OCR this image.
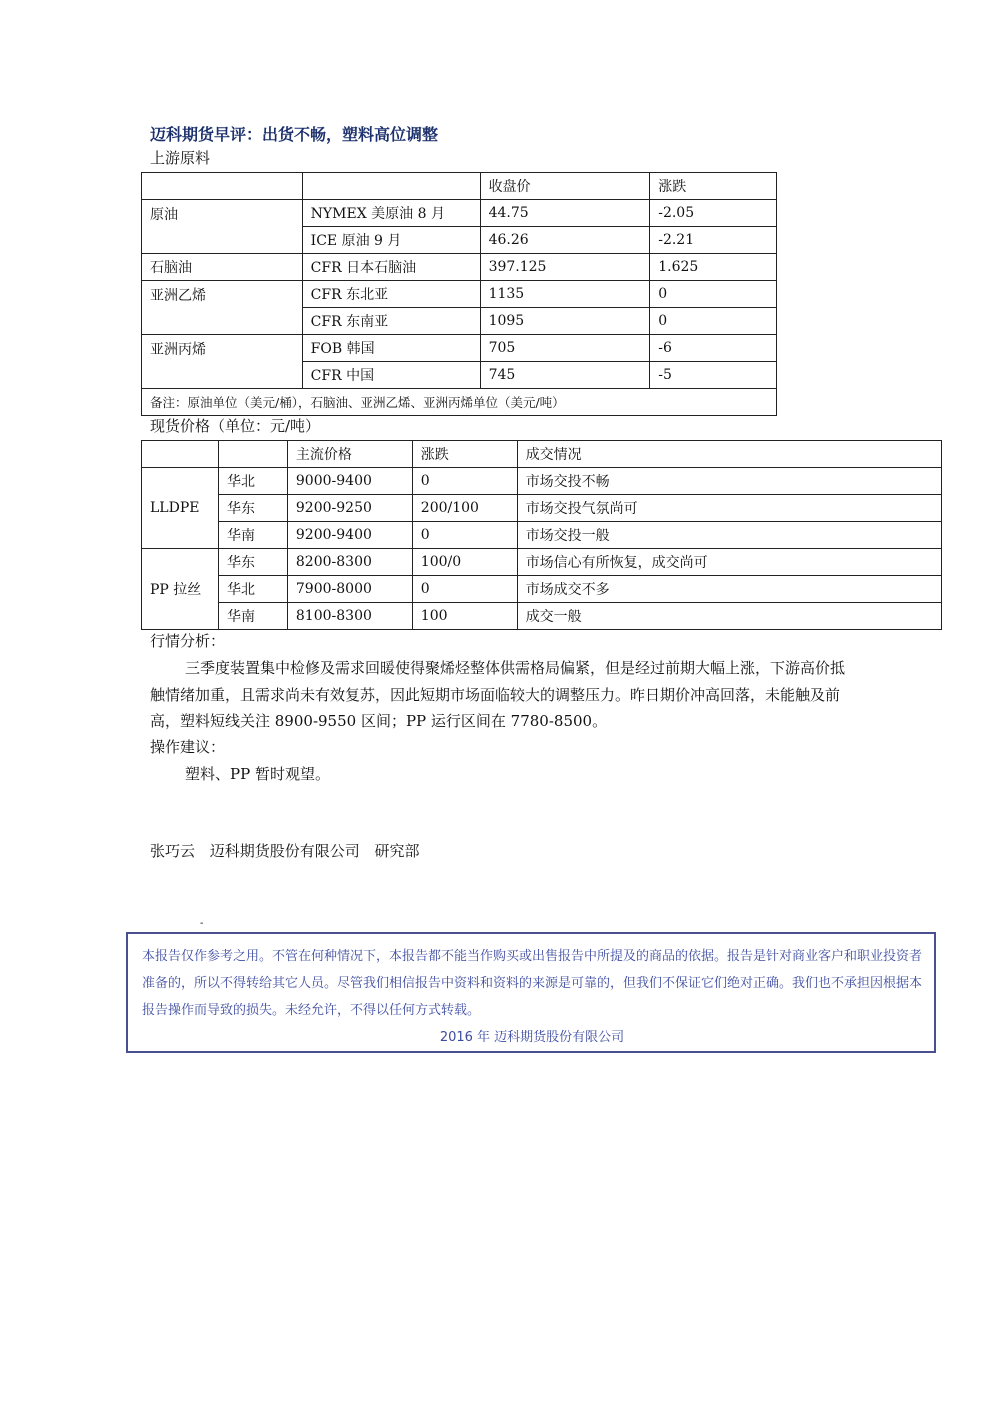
迈科期货早评：出货不畅，塑料高位调整
上游原料
		收盘价	涨跌
原油	NYMEX 美原油 8 月	44.75	-2.05
	ICE 原油 9 月	46.26	-2.21
石脑油	CFR 日本石脑油	397.125	1.625
亚洲乙烯	CFR 东北亚	1135	0
	CFR 东南亚	1095	0
亚洲丙烯	FOB 韩国	705	-6
	CFR 中国	745	-5
备注：原油单位（美元/桶），石脑油、亚洲乙烯、亚洲丙烯单位（美元/吨）			
现货价格（单位：元/吨）
		主流价格	涨跌	成交情况
LLDPE	华北	9000-9400	0	市场交投不畅
	华东	9200-9250	200/100	市场交投气氛尚可
	华南	9200-9400	0	市场交投一般
PP 拉丝	华东	8200-8300	100/0	市场信心有所恢复，成交尚可
	华北	7900-8000	0	市场成交不多
	华南	8100-8300	100	成交一般
行情分析：
三季度装置集中检修及需求回暖使得聚烯烃整体供需格局偏紧，但是经过前期大幅上涨，下游高价抵触情绪加重，且需求尚未有效复苏，因此短期市场面临较大的调整压力。昨日期价冲高回落，未能触及前高，塑料短线关注 8900-9550 区间；PP 运行区间在 7780-8500。
操作建议：
塑料、PP 暂时观望。
张巧云 迈科期货股份有限公司 研究部
-
本报告仅作参考之用。不管在何种情况下，本报告都不能当作购买或出售报告中所提及的商品的依据。报告是针对商业客户和职业投资者准备的，所以不得转给其它人员。尽管我们相信报告中资料和资料的来源是可靠的，但我们不保证它们绝对正确。我们也不承担因根据本报告操作而导致的损失。未经允许，不得以任何方式转载。
2016 年 迈科期货股份有限公司
